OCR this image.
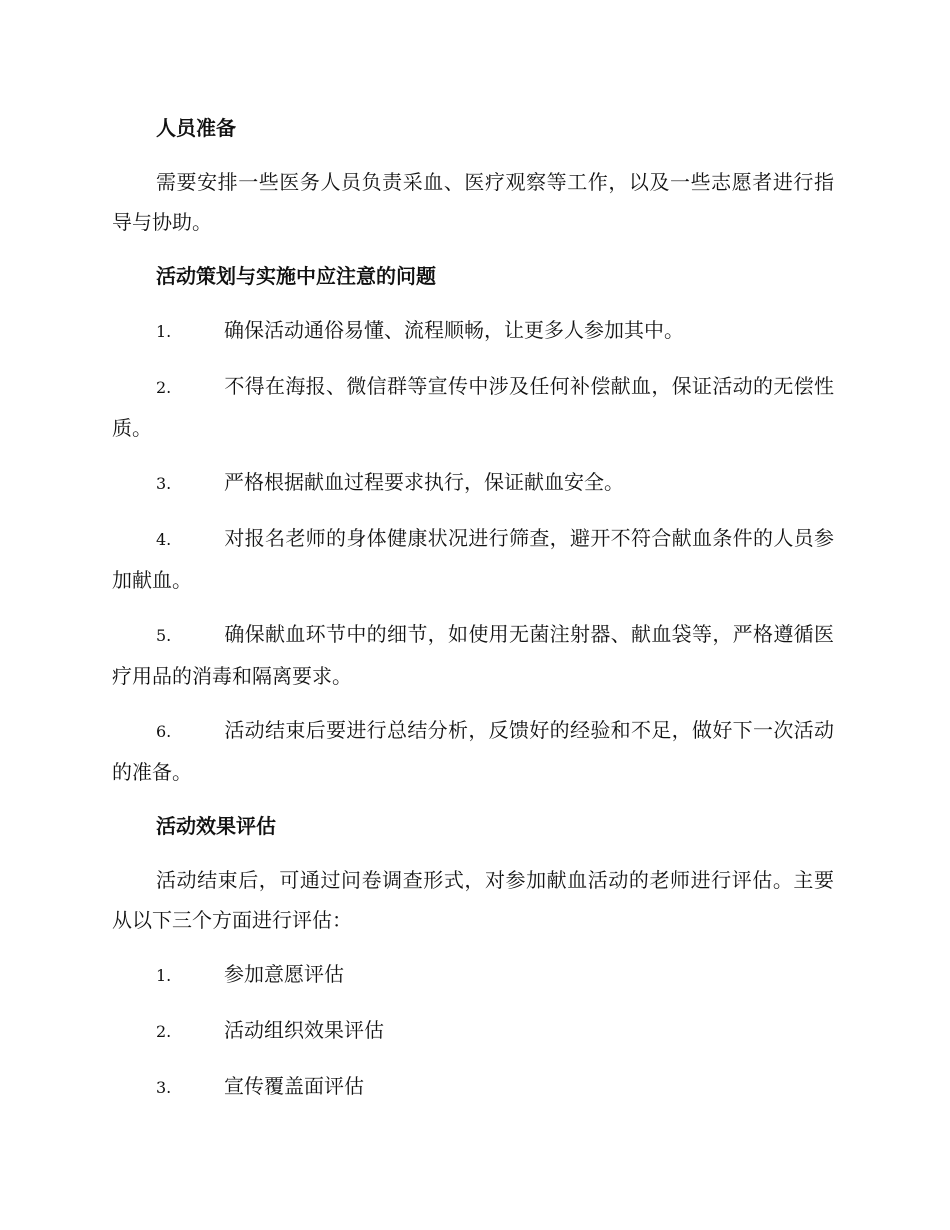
人员准备

需要安排一些医务人员负责采血、医疗观察等工作，以及一些志愿者进行指导与协助。

活动策划与实施中应注意的问题
1.	确保活动通俗易懂、流程顺畅，让更多人参加其中。
2.	不得在海报、微信群等宣传中涉及任何补偿献血，保证活动的无偿性质。
3.	严格根据献血过程要求执行，保证献血安全。
4.	对报名老师的身体健康状况进行筛查，避开不符合献血条件的人员参加献血。
5.	确保献血环节中的细节，如使用无菌注射器、献血袋等，严格遵循医疗用品的消毒和隔离要求。
6.	活动结束后要进行总结分析，反馈好的经验和不足，做好下一次活动的准备。
活动效果评估

活动结束后，可通过问卷调查形式，对参加献血活动的老师进行评估。主要从以下三个方面进行评估：

1.	参加意愿评估
2.	活动组织效果评估
3.	宣传覆盖面评估
